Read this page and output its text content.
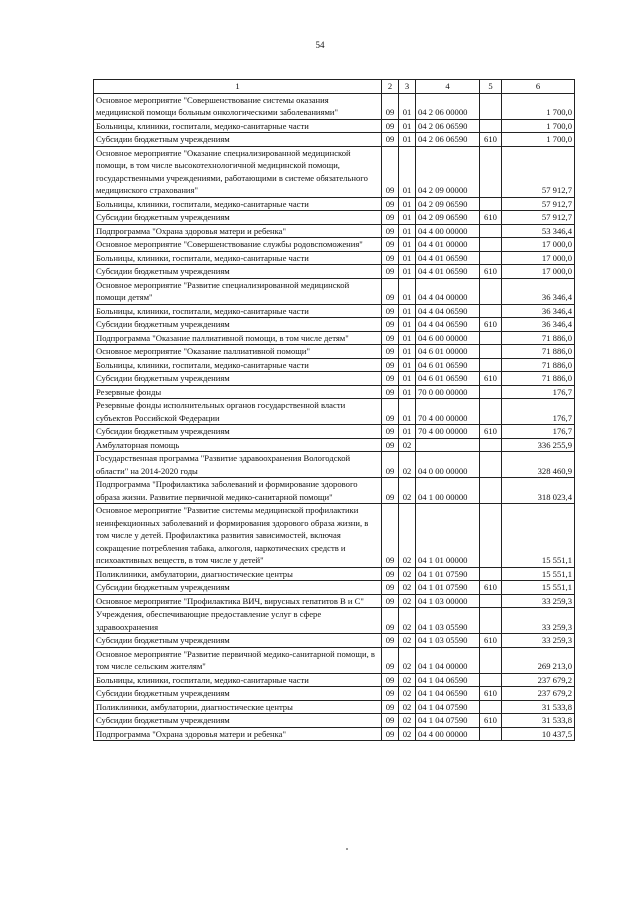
54
1	2	3	4	5	6
Основное мероприятие "Совершенствование системы оказания медицинской помощи больным онкологическими заболеваниями"	09	01	04 2 06 00000		1 700,0
Больницы, клиники, госпитали, медико-санитарные части	09	01	04 2 06 06590		1 700,0
Субсидии бюджетным учреждениям	09	01	04 2 06 06590	610	1 700,0
Основное мероприятие "Оказание специализированной медицинской помощи, в том числе высокотехнологичной медицинской помощи, государственными учреждениями, работающими в системе обязательного медицинского страхования"	09	01	04 2 09 00000		57 912,7
Больницы, клиники, госпитали, медико-санитарные части	09	01	04 2 09 06590		57 912,7
Субсидии бюджетным учреждениям	09	01	04 2 09 06590	610	57 912,7
Подпрограмма "Охрана здоровья матери и ребенка"	09	01	04 4 00 00000		53 346,4
Основное мероприятие "Совершенствование службы родовспоможения"	09	01	04 4 01 00000		17 000,0
Больницы, клиники, госпитали, медико-санитарные части	09	01	04 4 01 06590		17 000,0
Субсидии бюджетным учреждениям	09	01	04 4 01 06590	610	17 000,0
Основное мероприятие "Развитие специализированной медицинской помощи детям"	09	01	04 4 04 00000		36 346,4
Больницы, клиники, госпитали, медико-санитарные части	09	01	04 4 04 06590		36 346,4
Субсидии бюджетным учреждениям	09	01	04 4 04 06590	610	36 346,4
Подпрограмма "Оказание паллиативной помощи, в том числе детям"	09	01	04 6 00 00000		71 886,0
Основное мероприятие "Оказание паллиативной помощи"	09	01	04 6 01 00000		71 886,0
Больницы, клиники, госпитали, медико-санитарные части	09	01	04 6 01 06590		71 886,0
Субсидии бюджетным учреждениям	09	01	04 6 01 06590	610	71 886,0
Резервные фонды	09	01	70 0 00 00000		176,7
Резервные фонды исполнительных органов государственной власти субъектов Российской Федерации	09	01	70 4 00 00000		176,7
Субсидии бюджетным учреждениям	09	01	70 4 00 00000	610	176,7
Амбулаторная помощь	09	02			336 255,9
Государственная программа "Развитие здравоохранения Вологодской области" на 2014-2020 годы	09	02	04 0 00 00000		328 460,9
Подпрограмма "Профилактика заболеваний и формирование здорового образа жизни. Развитие первичной медико-санитарной помощи"	09	02	04 1 00 00000		318 023,4
Основное мероприятие "Развитие системы медицинской профилактики неинфекционных заболеваний и формирования здорового образа жизни, в том числе у детей. Профилактика развития зависимостей, включая сокращение потребления табака, алкоголя, наркотических средств и психоактивных веществ, в том числе у детей"	09	02	04 1 01 00000		15 551,1
Поликлиники, амбулатории, диагностические центры	09	02	04 1 01 07590		15 551,1
Субсидии бюджетным учреждениям	09	02	04 1 01 07590	610	15 551,1
Основное мероприятие "Профилактика ВИЧ, вирусных гепатитов В и С"	09	02	04 1 03 00000		33 259,3
Учреждения, обеспечивающие предоставление услуг в сфере здравоохранения	09	02	04 1 03 05590		33 259,3
Субсидии бюджетным учреждениям	09	02	04 1 03 05590	610	33 259,3
Основное мероприятие "Развитие первичной медико-санитарной помощи, в том числе сельским жителям"	09	02	04 1 04 00000		269 213,0
Больницы, клиники, госпитали, медико-санитарные части	09	02	04 1 04 06590		237 679,2
Субсидии бюджетным учреждениям	09	02	04 1 04 06590	610	237 679,2
Поликлиники, амбулатории, диагностические центры	09	02	04 1 04 07590		31 533,8
Субсидии бюджетным учреждениям	09	02	04 1 04 07590	610	31 533,8
Подпрограмма "Охрана здоровья матери и ребенка"	09	02	04 4 00 00000		10 437,5
